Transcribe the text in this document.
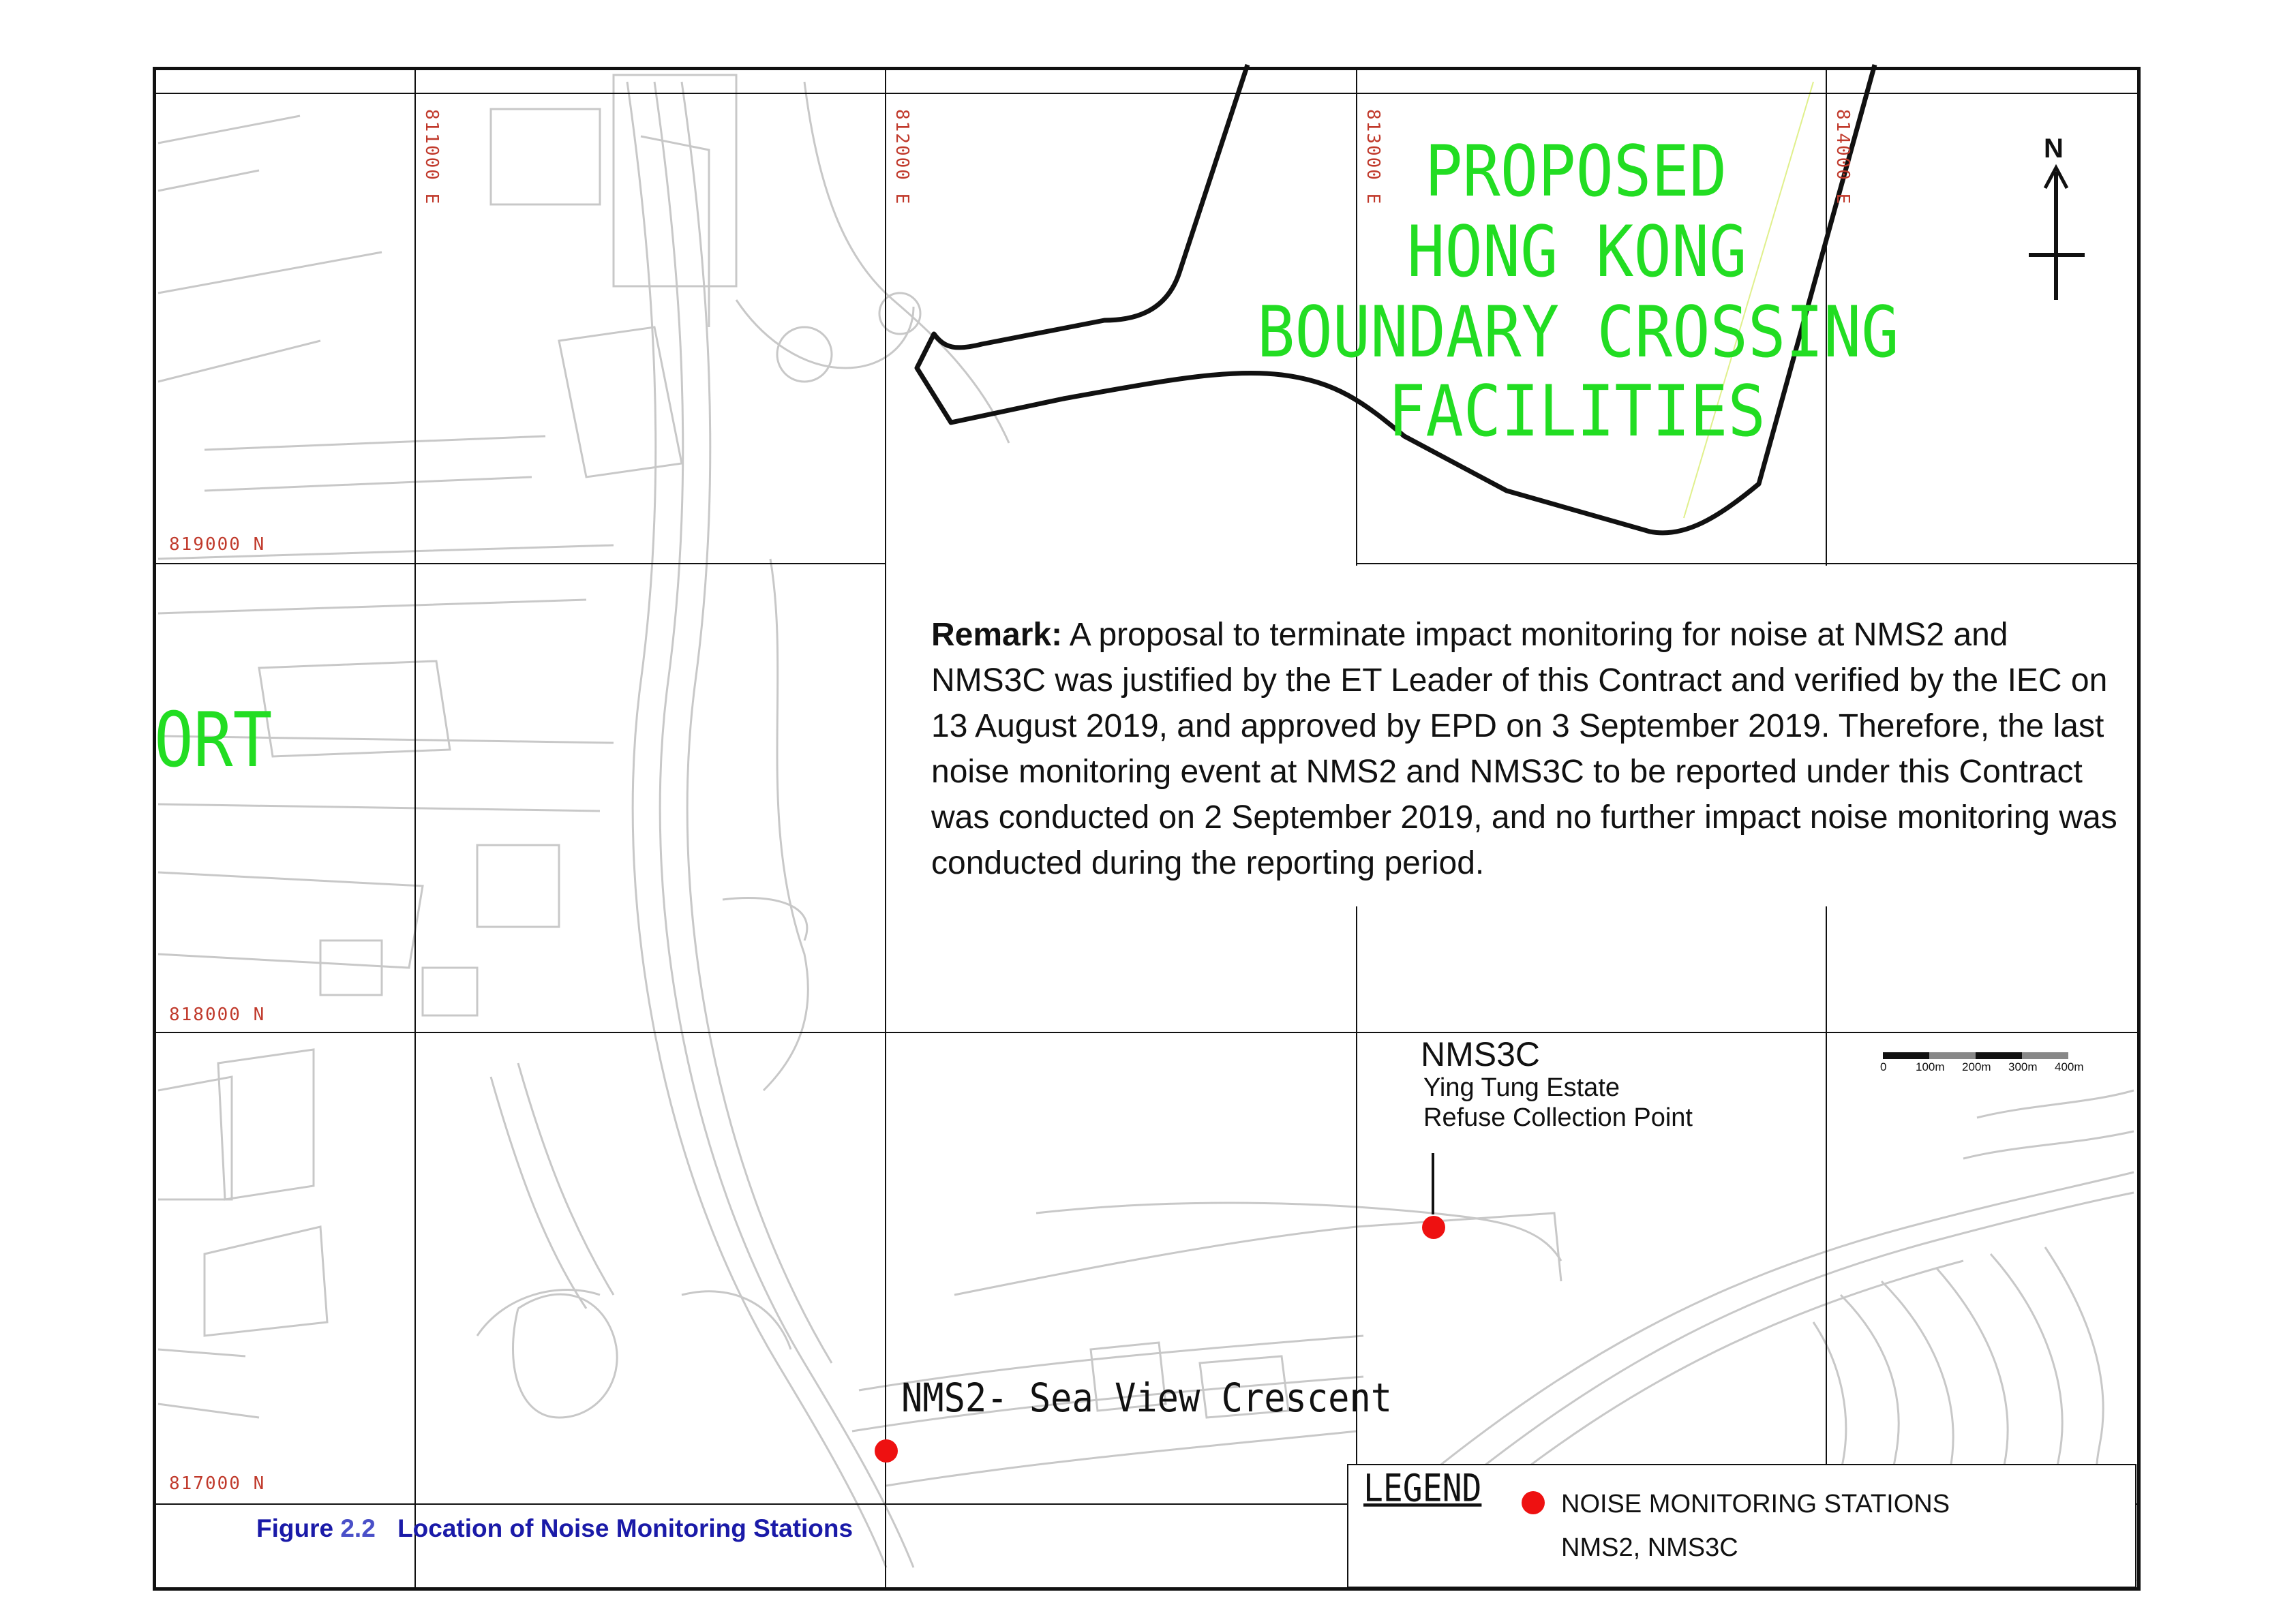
811000 E	812000 E	813000 E	814000 E
819000 N
818000 N
817000 N
PROPOSED
HONG KONG
BOUNDARY CROSSING
FACILITIES
ORT
N
Remark: A proposal to terminate impact monitoring for noise at NMS2 and NMS3C was justified by the ET Leader of this Contract and verified by the IEC on 13 August 2019, and approved by EPD on 3 September 2019. Therefore, the last noise monitoring event at NMS2 and NMS3C to be reported under this Contract was conducted on 2 September 2019, and no further impact noise monitoring was conducted during the reporting period.
0	100m 200m 300m 400m
NMS3C
Ying Tung Estate
Refuse Collection Point
NMS2- Sea View Crescent
LEGEND	NOISE MONITORING STATIONS
NMS2, NMS3C
Figure 2.2 Location of Noise Monitoring Stations
